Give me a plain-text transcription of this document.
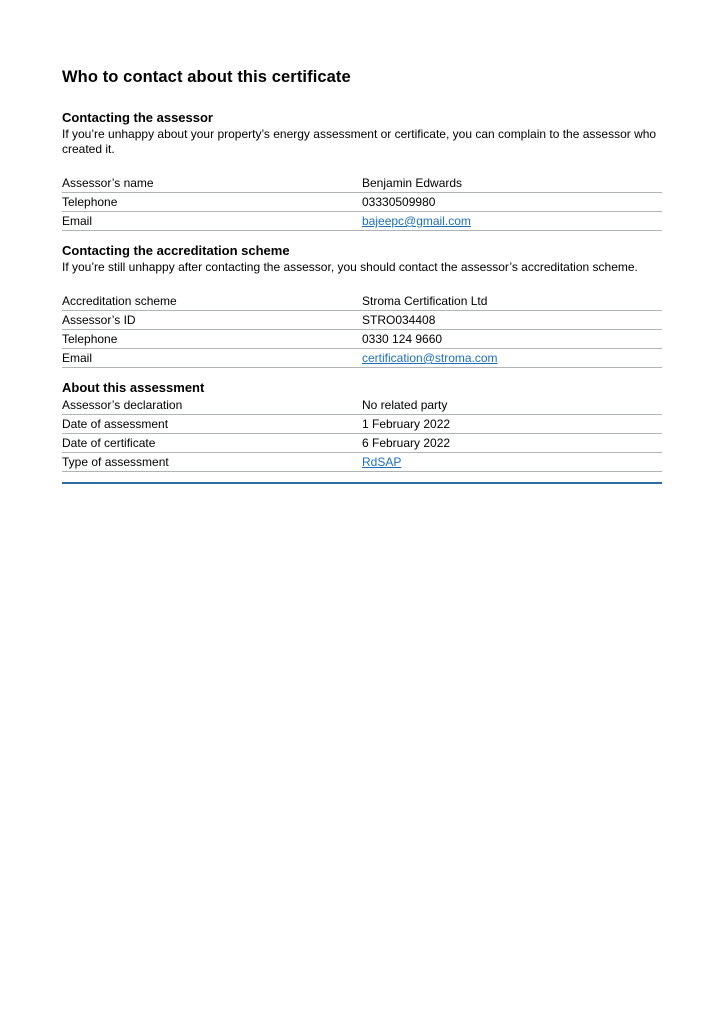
Who to contact about this certificate
Contacting the assessor

If you’re unhappy about your property’s energy assessment or certificate, you can complain to the assessor who created it.

Assessor’s name	Benjamin Edwards
Telephone	03330509980
Email	bajeepc@gmail.com
Contacting the accreditation scheme

If you’re still unhappy after contacting the assessor, you should contact the assessor’s accreditation scheme.

Accreditation scheme	Stroma Certification Ltd
Assessor’s ID	STRO034408
Telephone	0330 124 9660
Email	certification@stroma.com
About this assessment
Assessor’s declaration	No related party
Date of assessment	1 February 2022
Date of certificate	6 February 2022
Type of assessment	RdSAP
